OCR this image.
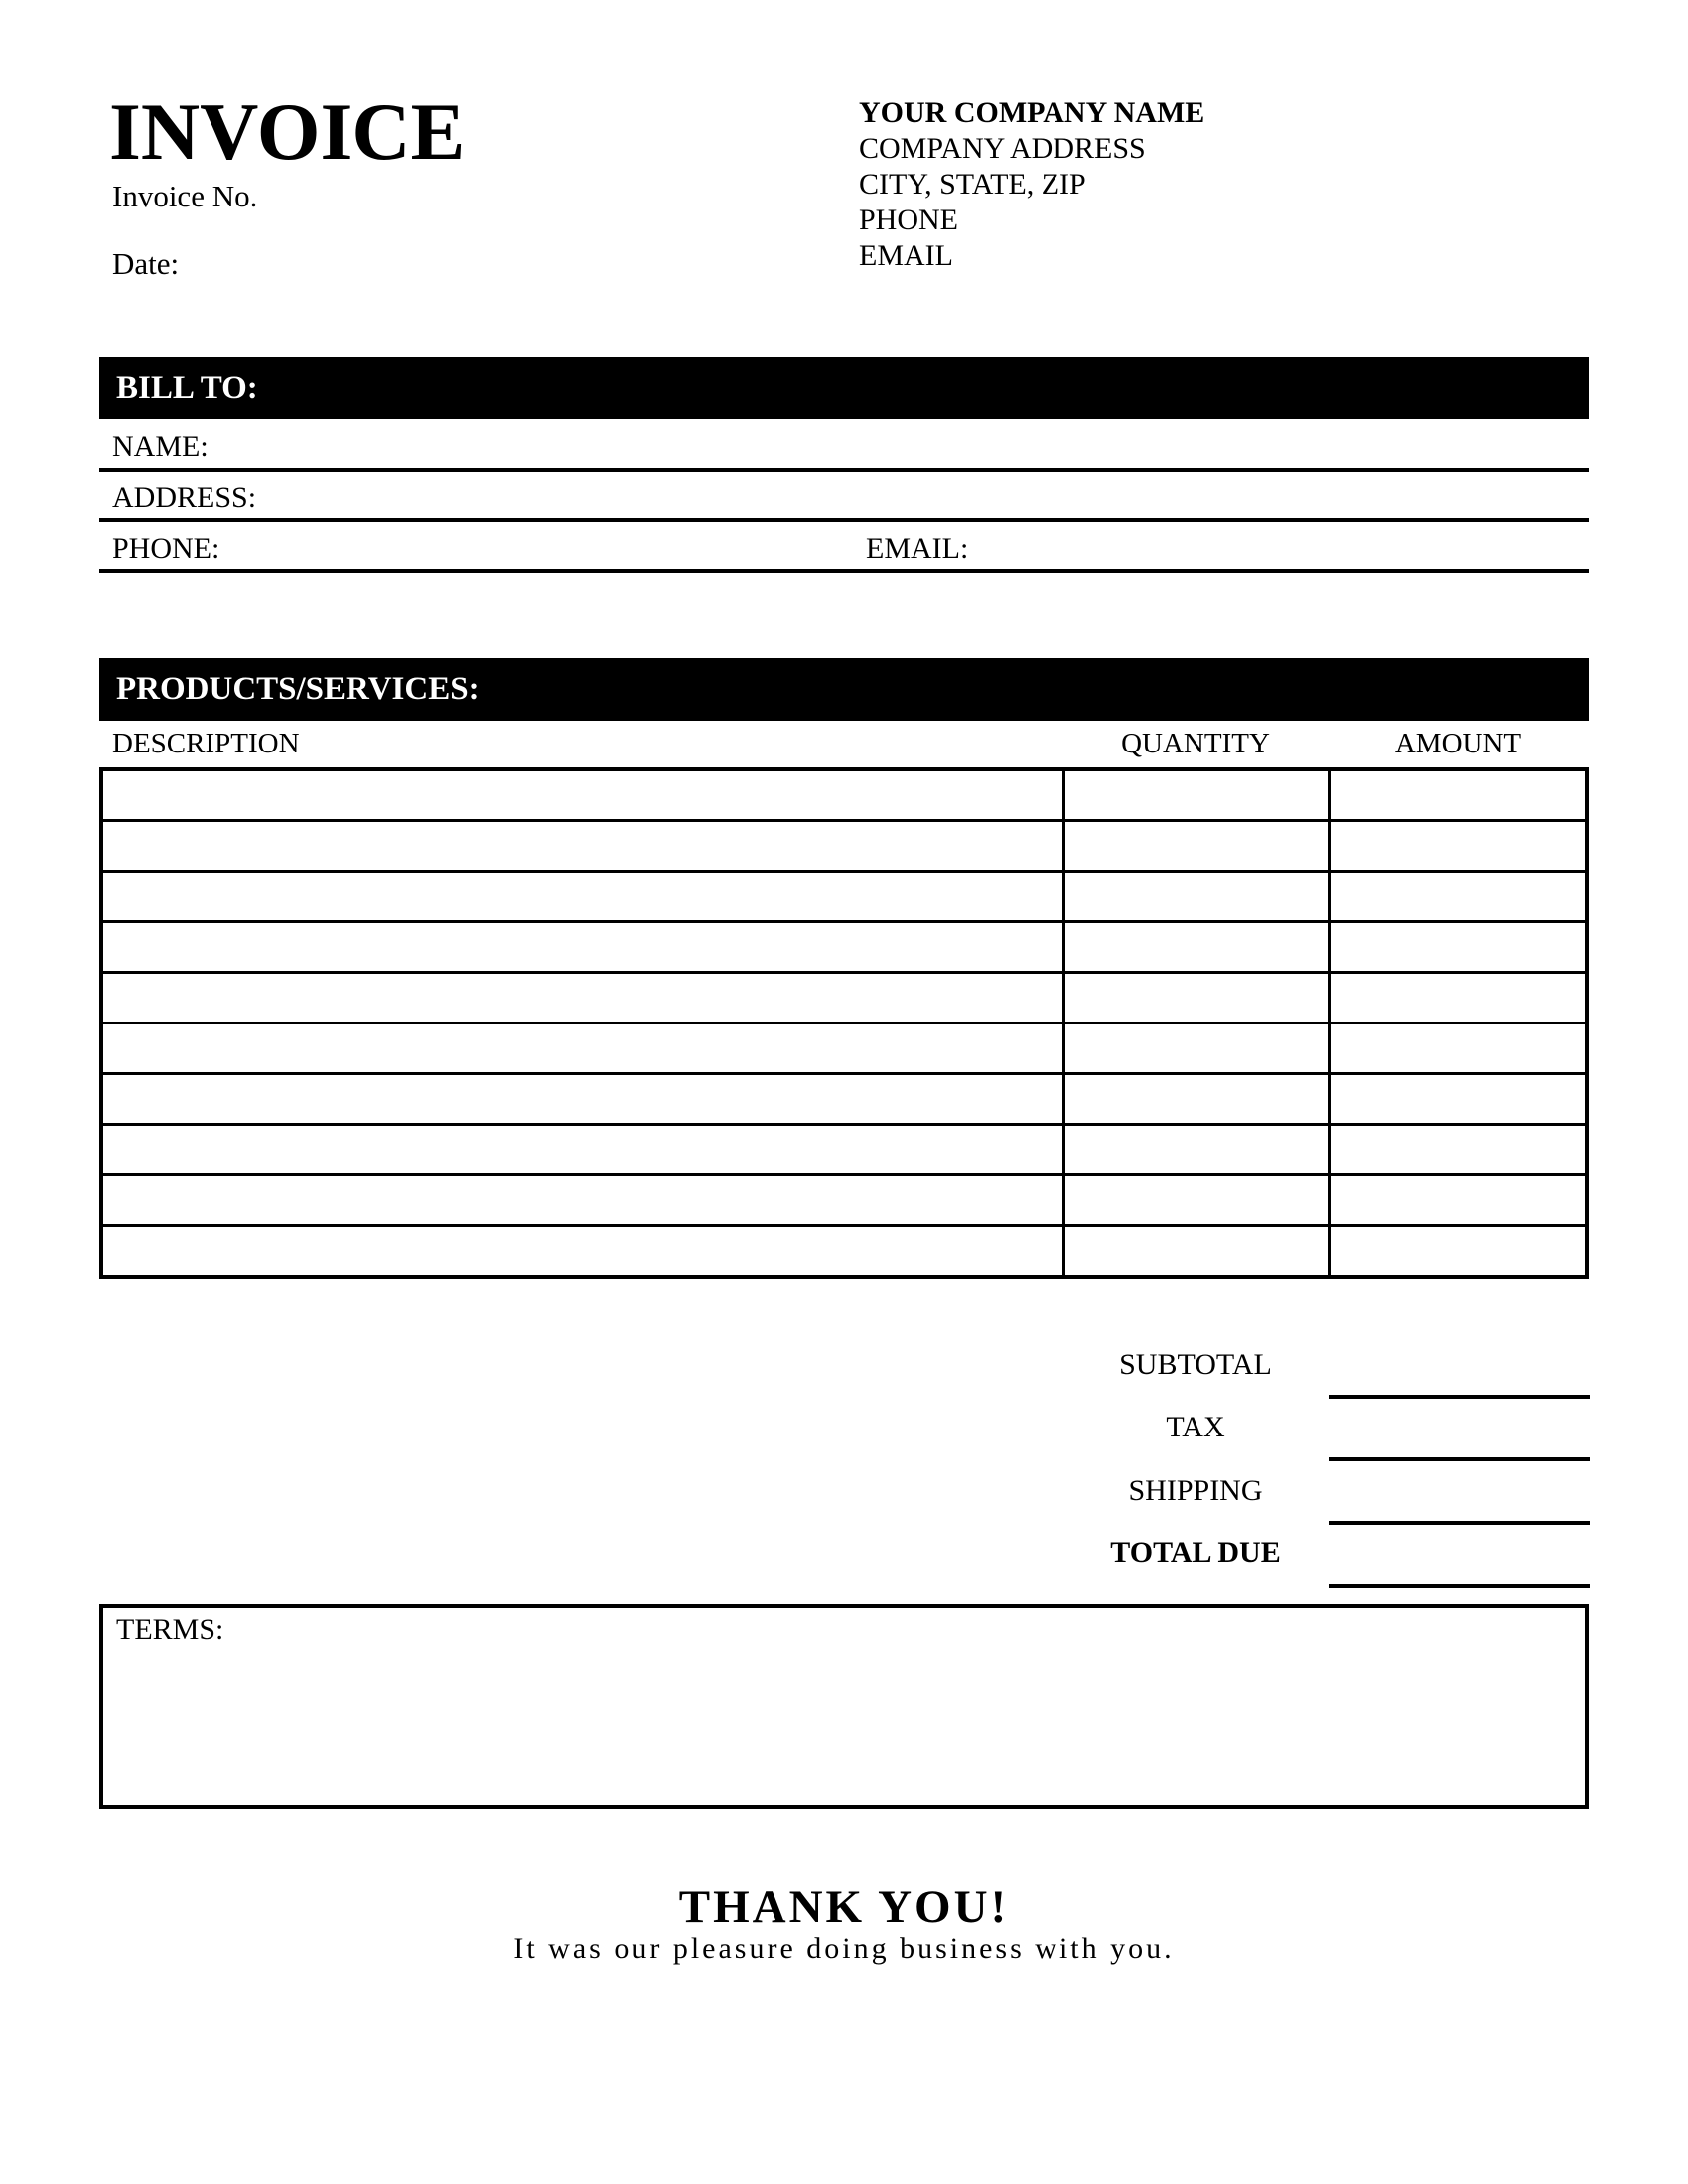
INVOICE
Invoice No.
Date:
YOUR COMPANY NAME
COMPANY ADDRESS
CITY, STATE, ZIP
PHONE
EMAIL
BILL TO:
NAME:
ADDRESS:
PHONE:	EMAIL:
PRODUCTS/SERVICES:
DESCRIPTION	QUANTITY	AMOUNT

SUBTOTAL
TAX
SHIPPING
TOTAL DUE
TERMS:
THANK YOU!
It was our pleasure doing business with you.
